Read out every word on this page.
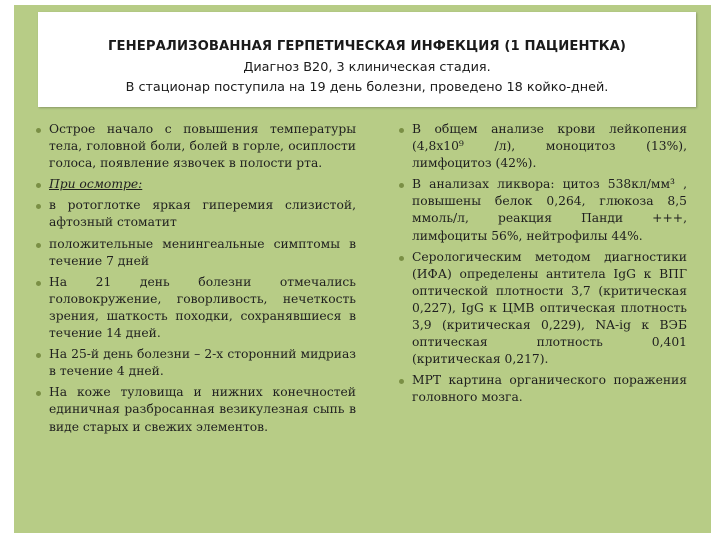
ГЕНЕРАЛИЗОВАННАЯ ГЕРПЕТИЧЕСКАЯ ИНФЕКЦИЯ (1 ПАЦИЕНТКА)
Диагноз В20, 3 клиническая стадия.
В стационар поступила на 19 день болезни, проведено 18 койко-дней.
Острое начало с повышения температуры тела, головной боли, болей в горле, осиплости голоса, появление язвочек в полости рта.
При осмотре:
в ротоглотке яркая гиперемия слизистой, афтозный стоматит
положительные менингеальные симптомы в течение 7 дней
На 21 день болезни отмечались головокружение, говорливость, нечеткость зрения, шаткость походки, сохранявшиеся в течение 14 дней.
На 25-й день болезни – 2-х сторонний мидриаз в течение 4 дней.
На коже туловища и нижних конечностей единичная разбросанная везикулезная сыпь в виде старых и свежих элементов.
В общем анализе крови лейкопения (4,8х10⁹ /л), моноцитоз (13%), лимфоцитоз (42%).
В анализах ликвора: цитоз 538кл/мм³ , повышены белок 0,264, глюкоза 8,5 ммоль/л, реакция Панди +++, лимфоциты 56%, нейтрофилы 44%.
Серологическим методом диагностики (ИФА) определены антитела IgG к ВПГ оптической плотности 3,7 (критическая 0,227), IgG к ЦМВ оптическая плотность 3,9 (критическая 0,229), NA-ig к ВЭБ оптическая плотность 0,401 (критическая 0,217).
МРТ картина органического поражения головного мозга.
